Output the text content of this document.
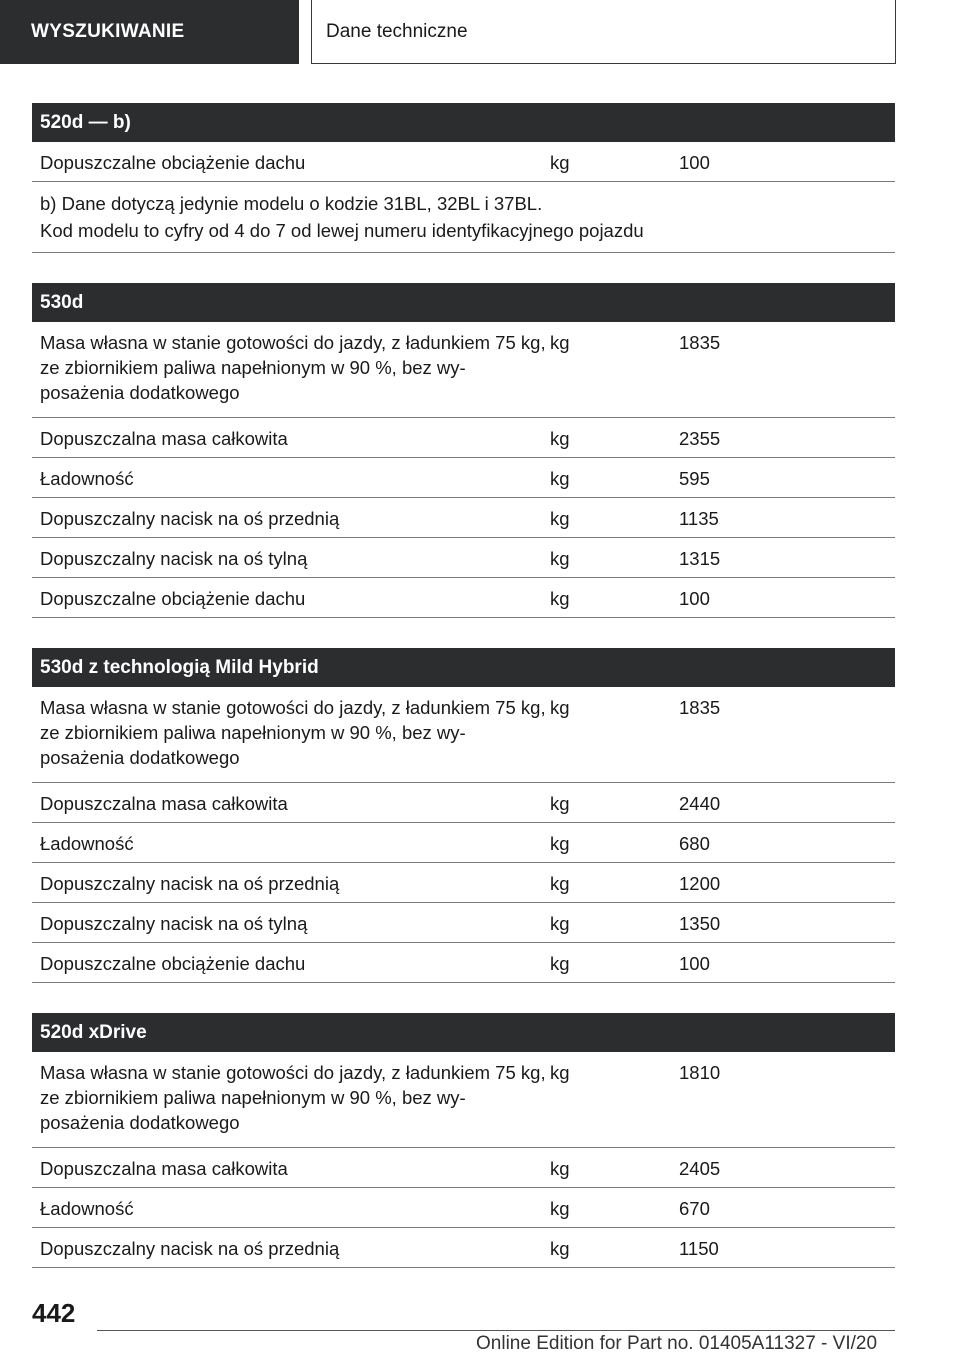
WYSZUKIWANIE	Dane techniczne
520d — b)
Dopuszczalne obciążenie dachu	kg	100
b) Dane dotyczą jedynie modelu o kodzie 31BL, 32BL i 37BL.
Kod modelu to cyfry od 4 do 7 od lewej numeru identyfikacyjnego pojazdu
530d
Masa własna w stanie gotowości do jazdy, z ładunkiem 75 kg, ze zbiornikiem paliwa napełnionym w 90 %, bez wy-posażenia dodatkowego
kg	1835
Dopuszczalna masa całkowita	kg	2355
Ładowność	kg	595
Dopuszczalny nacisk na oś przednią	kg	1135
Dopuszczalny nacisk na oś tylną	kg	1315
Dopuszczalne obciążenie dachu	kg	100
530d z technologią Mild Hybrid
Masa własna w stanie gotowości do jazdy, z ładunkiem 75 kg, ze zbiornikiem paliwa napełnionym w 90 %, bez wy-posażenia dodatkowego
kg	1835
Dopuszczalna masa całkowita	kg	2440
Ładowność	kg	680
Dopuszczalny nacisk na oś przednią	kg	1200
Dopuszczalny nacisk na oś tylną	kg	1350
Dopuszczalne obciążenie dachu	kg	100
520d xDrive
Masa własna w stanie gotowości do jazdy, z ładunkiem 75 kg, ze zbiornikiem paliwa napełnionym w 90 %, bez wy-posażenia dodatkowego
kg	1810
Dopuszczalna masa całkowita	kg	2405
Ładowność	kg	670
Dopuszczalny nacisk na oś przednią	kg	1150
442
Online Edition for Part no. 01405A11327 - VI/20
